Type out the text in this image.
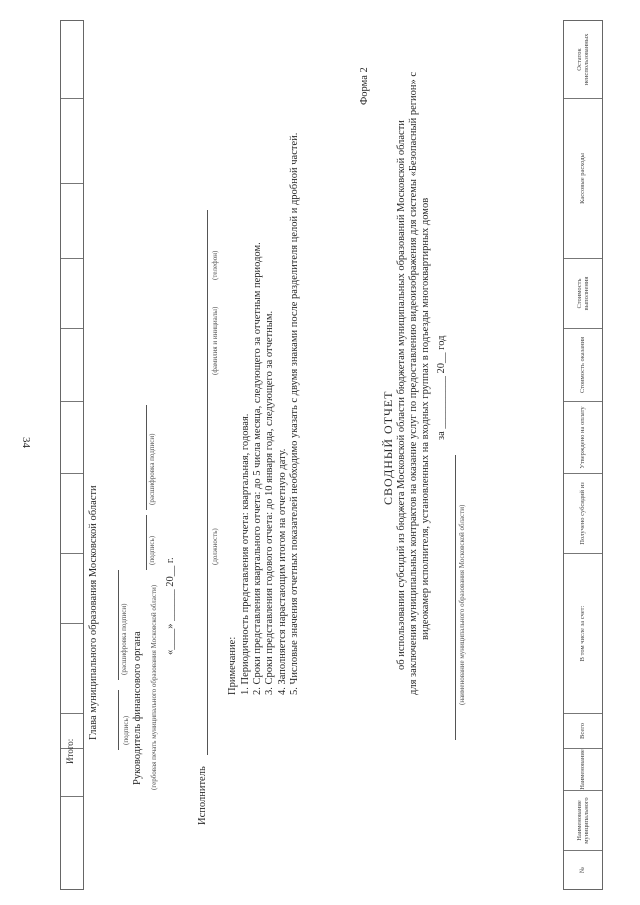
34
Итого:
Глава муниципального образования Московской области	(подпись)
(расшифровка подписи) Руководитель финансового органа (гербовая печать муниципального образования Московской области)
(подпись)
(расшифровка подписи)
«____» ______ 20__ г.
Исполнитель
(должность)
(фамилия и инициалы)
(телефон)
Примечание: 1. Периодичность представления отчета: квартальная, годовая. 2. Сроки представления квартального отчета: до 5 числа месяца, следующего за отчетным периодом. 3. Сроки представления годового отчета: до 10 января года, следующего за отчетным. 4. Заполняется нарастающим итогом на отчетную дату. 5. Числовые значения отчетных показателей необходимо указать с двумя знаками после разделителя целой и дробной частей.
Форма 2
СВОДНЫЙ ОТЧЕТ об использовании субсидий из бюджета Московской области бюджетам муниципальных образований Московской области для заключения муниципальных контрактов на оказание услуг по предоставлению видеоизображения для системы «Безопасный регион» с видеокамер исполнителя, установленных на входных группах в подъезды многоквартирных домов за __________ 20__ год
(наименование муниципального образования Московской области)
№
Наименование муниципального
Наименование
Всего
В том числе за счет:
Получено субсидий из
Утверждено на оплату
Стоимость оказания
Стоимость выполнения
Кассовые расходы
Остаток неиспользованных
